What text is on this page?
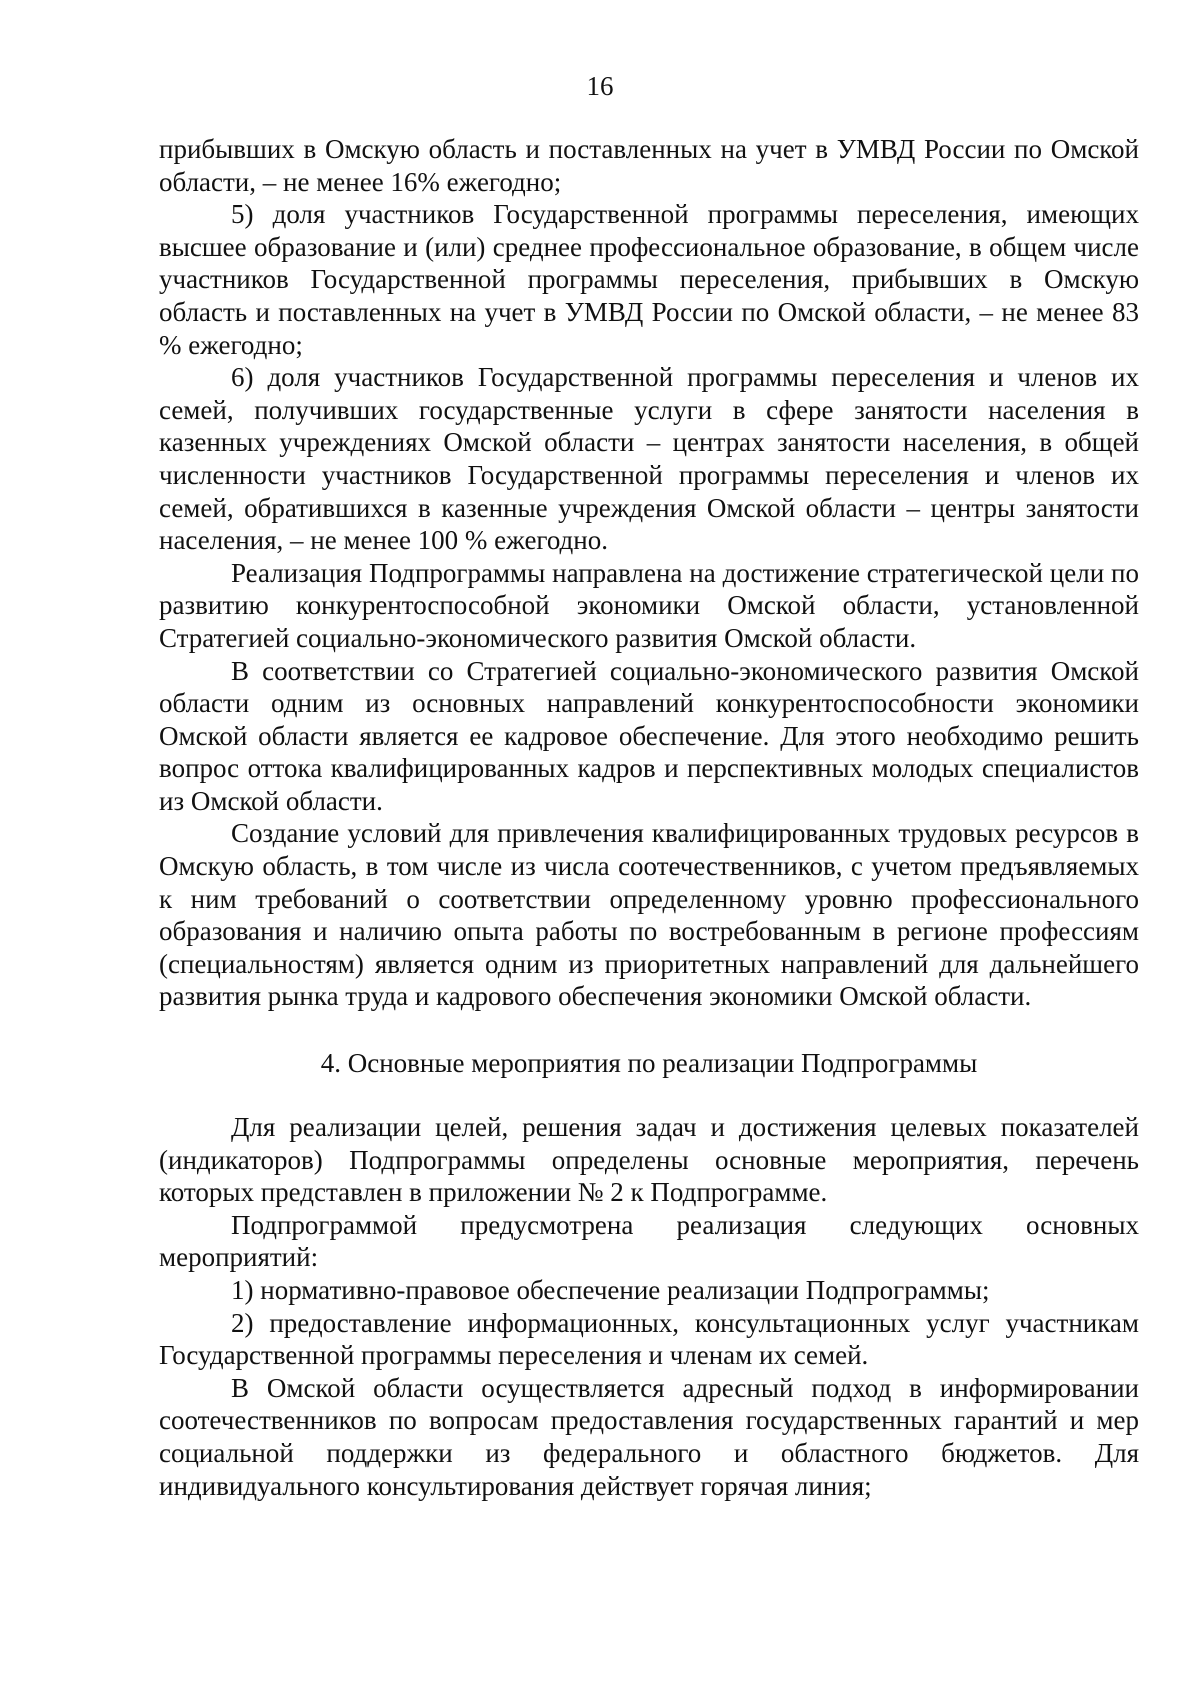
16

прибывших в Омскую область и поставленных на учет в УМВД России по Омской области, – не менее 16% ежегодно;

5) доля участников Государственной программы переселения, имеющих высшее образование и (или) среднее профессиональное образование, в общем числе участников Государственной программы переселения, прибывших в Омскую область и поставленных на учет в УМВД России по Омской области, – не менее 83 % ежегодно;

6) доля участников Государственной программы переселения и членов их семей, получивших государственные услуги в сфере занятости населения в казенных учреждениях Омской области – центрах занятости населения, в общей численности участников Государственной программы переселения и членов их семей, обратившихся в казенные учреждения Омской области – центры занятости населения, – не менее 100 % ежегодно.

Реализация Подпрограммы направлена на достижение стратегической цели по развитию конкурентоспособной экономики Омской области, установленной Стратегией социально-экономического развития Омской области.

В соответствии со Стратегией социально-экономического развития Омской области одним из основных направлений конкурентоспособности экономики Омской области является ее кадровое обеспечение. Для этого необходимо решить вопрос оттока квалифицированных кадров и перспективных молодых специалистов из Омской области.

Создание условий для привлечения квалифицированных трудовых ресурсов в Омскую область, в том числе из числа соотечественников, с учетом предъявляемых к ним требований о соответствии определенному уровню профессионального образования и наличию опыта работы по востребованным в регионе профессиям (специальностям) является одним из приоритетных направлений для дальнейшего развития рынка труда и кадрового обеспечения экономики Омской области.

4. Основные мероприятия по реализации Подпрограммы

Для реализации целей, решения задач и достижения целевых показателей (индикаторов) Подпрограммы определены основные мероприятия, перечень которых представлен в приложении № 2 к Подпрограмме.

Подпрограммой предусмотрена реализация следующих основных мероприятий:

1) нормативно-правовое обеспечение реализации Подпрограммы;

2) предоставление информационных, консультационных услуг участникам Государственной программы переселения и членам их семей.

В Омской области осуществляется адресный подход в информировании соотечественников по вопросам предоставления государственных гарантий и мер социальной поддержки из федерального и областного бюджетов. Для индивидуального консультирования действует горячая линия;
